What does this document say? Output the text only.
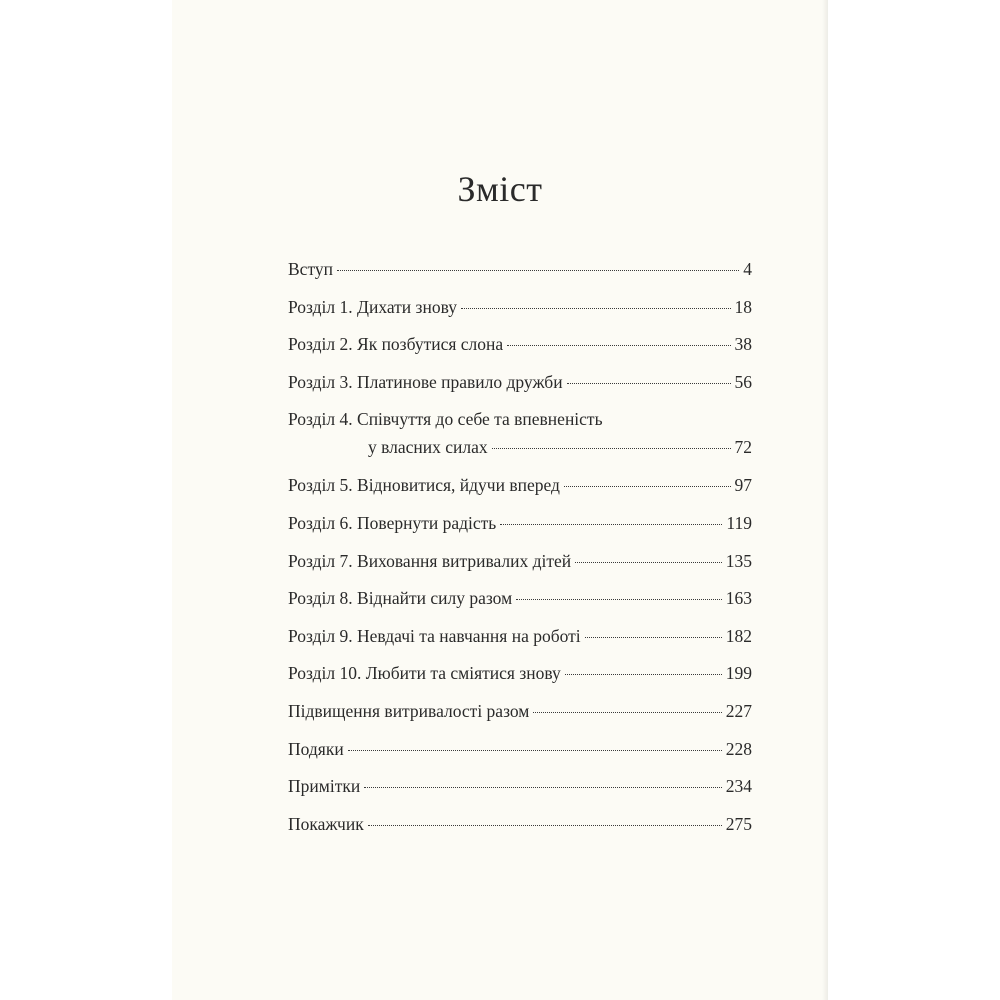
Зміст
Вступ	4
Розділ 1. Дихати знову	18
Розділ 2. Як позбутися слона	38
Розділ 3. Платинове правило дружби	56
Розділ 4. Співчуття до себе та впевненість
у власних силах	72
Розділ 5. Відновитися, йдучи вперед	97
Розділ 6. Повернути радість	119
Розділ 7. Виховання витривалих дітей	135
Розділ 8. Віднайти силу разом	163
Розділ 9. Невдачі та навчання на роботі	182
Розділ 10. Любити та сміятися знову	199
Підвищення витривалості разом	227
Подяки	228
Примітки	234
Покажчик	275
